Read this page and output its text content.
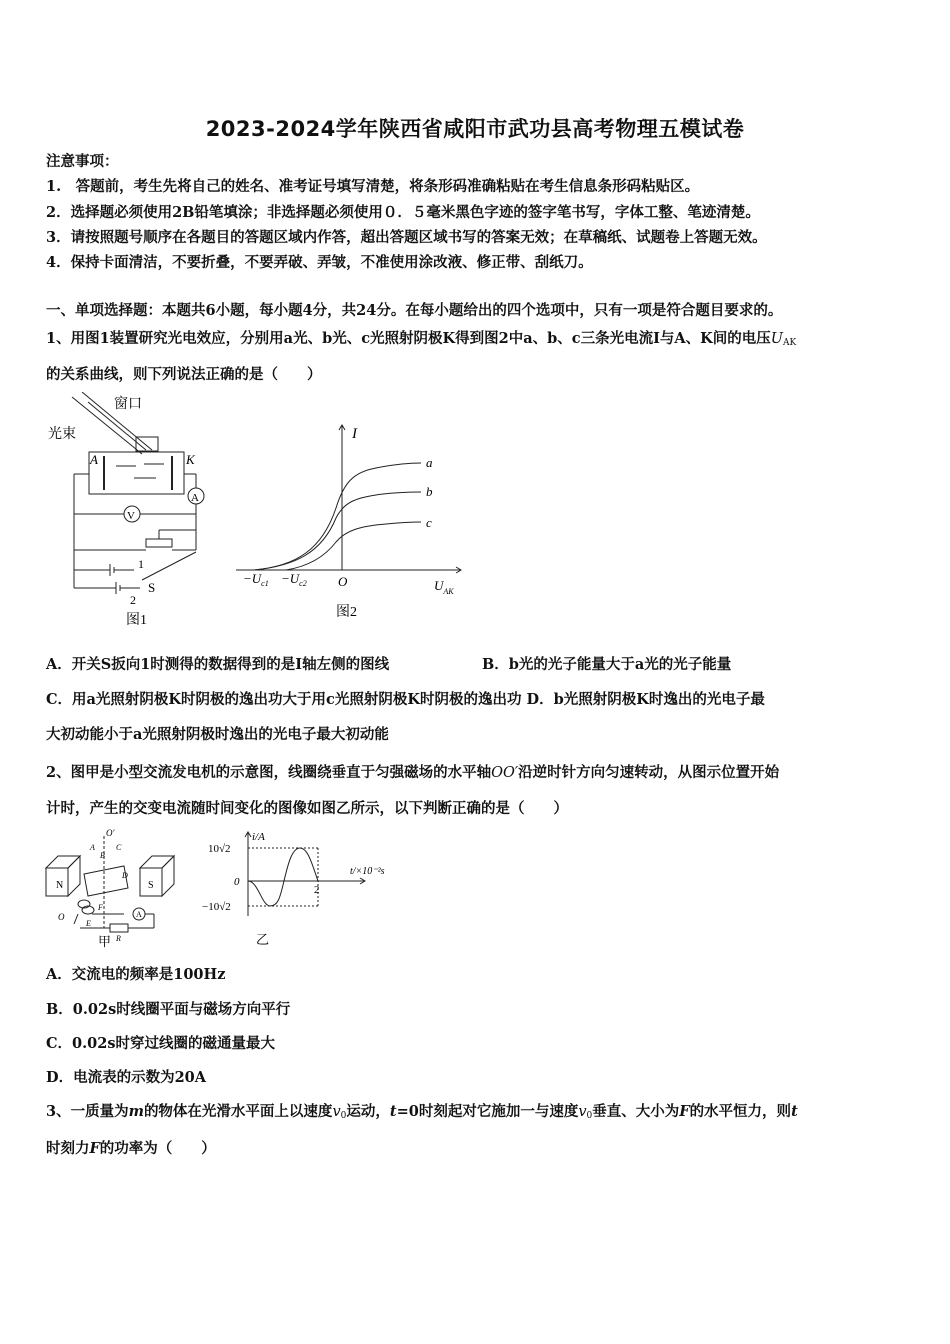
2023-2024学年陕西省咸阳市武功县高考物理五模试卷
注意事项：
1.　答题前，考生先将自己的姓名、准考证号填写清楚，将条形码准确粘贴在考生信息条形码粘贴区。
2．选择题必须使用2B铅笔填涂；非选择题必须使用０．５毫米黑色字迹的签字笔书写，字体工整、笔迹清楚。
3．请按照题号顺序在各题目的答题区域内作答，超出答题区域书写的答案无效；在草稿纸、试题卷上答题无效。
4．保持卡面清洁，不要折叠，不要弄破、弄皱，不准使用涂改液、修正带、刮纸刀。
一、单项选择题：本题共6小题，每小题4分，共24分。在每小题给出的四个选项中，只有一项是符合题目要求的。
1、用图1装置研究光电效应，分别用a光、b光、c光照射阴极K得到图2中a、b、c三条光电流I与A、K间的电压$U_{AK}$
的关系曲线，则下列说法正确的是（　　）
窗口
光束
A	K
A
V
1
2
S
图1
I
a
b
c
$-U_{c1} -U_{c2}$ O	$U_{AK}$
图2
A．开关S扳向1时测得的数据得到的是I轴左侧的图线	B．b光的光子能量大于a光的光子能量
C．用a光照射阴极K时阴极的逸出功大于用c光照射阴极K时阴极的逸出功 D．b光照射阴极K时逸出的光电子最
大初动能小于a光照射阴极时逸出的光电子最大初动能
2、图甲是小型交流发电机的示意图，线圈绕垂直于匀强磁场的水平轴OO′沿逆时针方向匀速转动，从图示位置开始
计时，产生的交变电流随时间变化的图像如图乙所示，以下判断正确的是（　　）
N	S
O′
O
A
B
C
D
E
F
R
A
甲
i/A
t/×10⁻²s
10√2
−10√2
0
2
乙
A．交流电的频率是100Hz
B．0.02s时线圈平面与磁场方向平行
C．0.02s时穿过线圈的磁通量最大
D．电流表的示数为20A
3、一质量为m的物体在光滑水平面上以速度$v_0$运动，t=0时刻起对它施加一与速度$v_0$垂直、大小为F的水平恒力，则t
时刻力F的功率为（　　）
